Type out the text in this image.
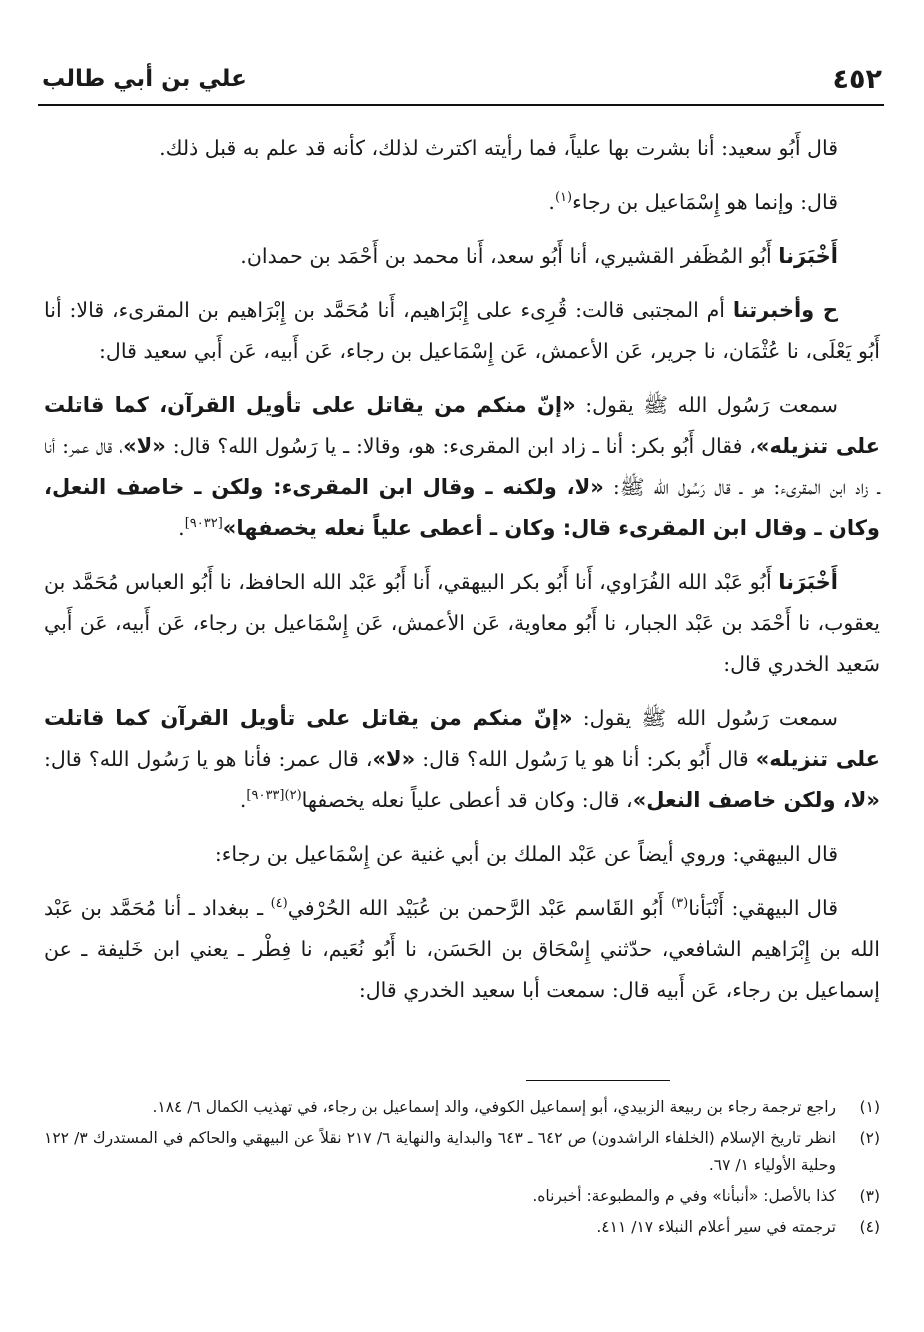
٤٥٢
علي بن أبي طالب

قال أَبُو سعيد: أنا بشرت بها علياً، فما رأيته اكترث لذلك، كأنه قد علم به قبل ذلك.

قال: وإنما هو إِسْمَاعيل بن رجاء$^{(١)}$.

أَخْبَرَنا أَبُو المُظَفر القشيري، أنا أَبُو سعد، أَنا محمد بن أَحْمَد بن حمدان.

ح وأخبرتنا أم المجتبى قالت: قُرِىء على إِبْرَاهيم، أَنا مُحَمَّد بن إِبْرَاهيم بن المقرىء، قالا: أنا أَبُو يَعْلَى، نا عُثْمَان، نا جرير، عَن الأعمش، عَن إِسْمَاعيل بن رجاء، عَن أَبيه، عَن أَبي سعيد قال:

سمعت رَسُول الله ﷺ يقول: «إنّ منكم من يقاتل على تأويل القرآن، كما قاتلت على تنزيله»، فقال أَبُو بكر: أنا ـ زاد ابن المقرىء: هو، وقالا: ـ يا رَسُول الله؟ قال: «لا»، قال عمر: أنا ـ زاد ابن المقرىء: هو ـ قال رَسُول الله ﷺ: «لا، ولكنه ـ وقال ابن المقرىء: ولكن ـ خاصف النعل، وكان ـ وقال ابن المقرىء قال: وكان ـ أعطى علياً نعله يخصفها»[٩٠٣٢].

أَخْبَرَنا أَبُو عَبْد الله الفُرَاوي، أَنا أَبُو بكر البيهقي، أَنا أَبُو عَبْد الله الحافظ، نا أَبُو العباس مُحَمَّد بن يعقوب، نا أَحْمَد بن عَبْد الجبار، نا أَبُو معاوية، عَن الأعمش، عَن إِسْمَاعيل بن رجاء، عَن أَبيه، عَن أَبي سَعيد الخدري قال:

سمعت رَسُول الله ﷺ يقول: «إنّ منكم من يقاتل على تأويل القرآن كما قاتلت على تنزيله» قال أَبُو بكر: أنا هو يا رَسُول الله؟ قال: «لا»، قال عمر: فأنا هو يا رَسُول الله؟ قال: «لا، ولكن خاصف النعل»، قال: وكان قد أعطى علياً نعله يخصفها$^{(٢)[٩٠٣٣]}$.

قال البيهقي: وروي أيضاً عن عَبْد الملك بن أبي غنية عن إِسْمَاعيل بن رجاء:

قال البيهقي: أَنْبَأنا$^{(٣)}$ أَبُو القَاسم عَبْد الرَّحمن بن عُبَيْد الله الحُرْفي$^{(٤)}$ ـ ببغداد ـ أنا مُحَمَّد بن عَبْد الله بن إِبْرَاهيم الشافعي، حدّثني إِسْحَاق بن الحَسَن، نا أَبُو نُعَيم، نا فِطْر ـ يعني ابن خَليفة ـ عن إسماعيل بن رجاء، عَن أَبيه قال: سمعت أبا سعيد الخدري قال:

(١)
راجع ترجمة رجاء بن ربيعة الزبيدي، أبو إسماعيل الكوفي، والد إسماعيل بن رجاء، في تهذيب الكمال ٦/ ١٨٤.
(٢)
انظر تاريخ الإسلام (الخلفاء الراشدون) ص ٦٤٢ ـ ٦٤٣ والبداية والنهاية ٦/ ٢١٧ نقلاً عن البيهقي والحاكم في المستدرك ٣/ ١٢٢ وحلية الأولياء ١/ ٦٧.
(٣)
كذا بالأصل: «أنبأنا» وفي م والمطبوعة: أخبرناه.
(٤)
ترجمته في سير أعلام النبلاء ١٧/ ٤١١.
